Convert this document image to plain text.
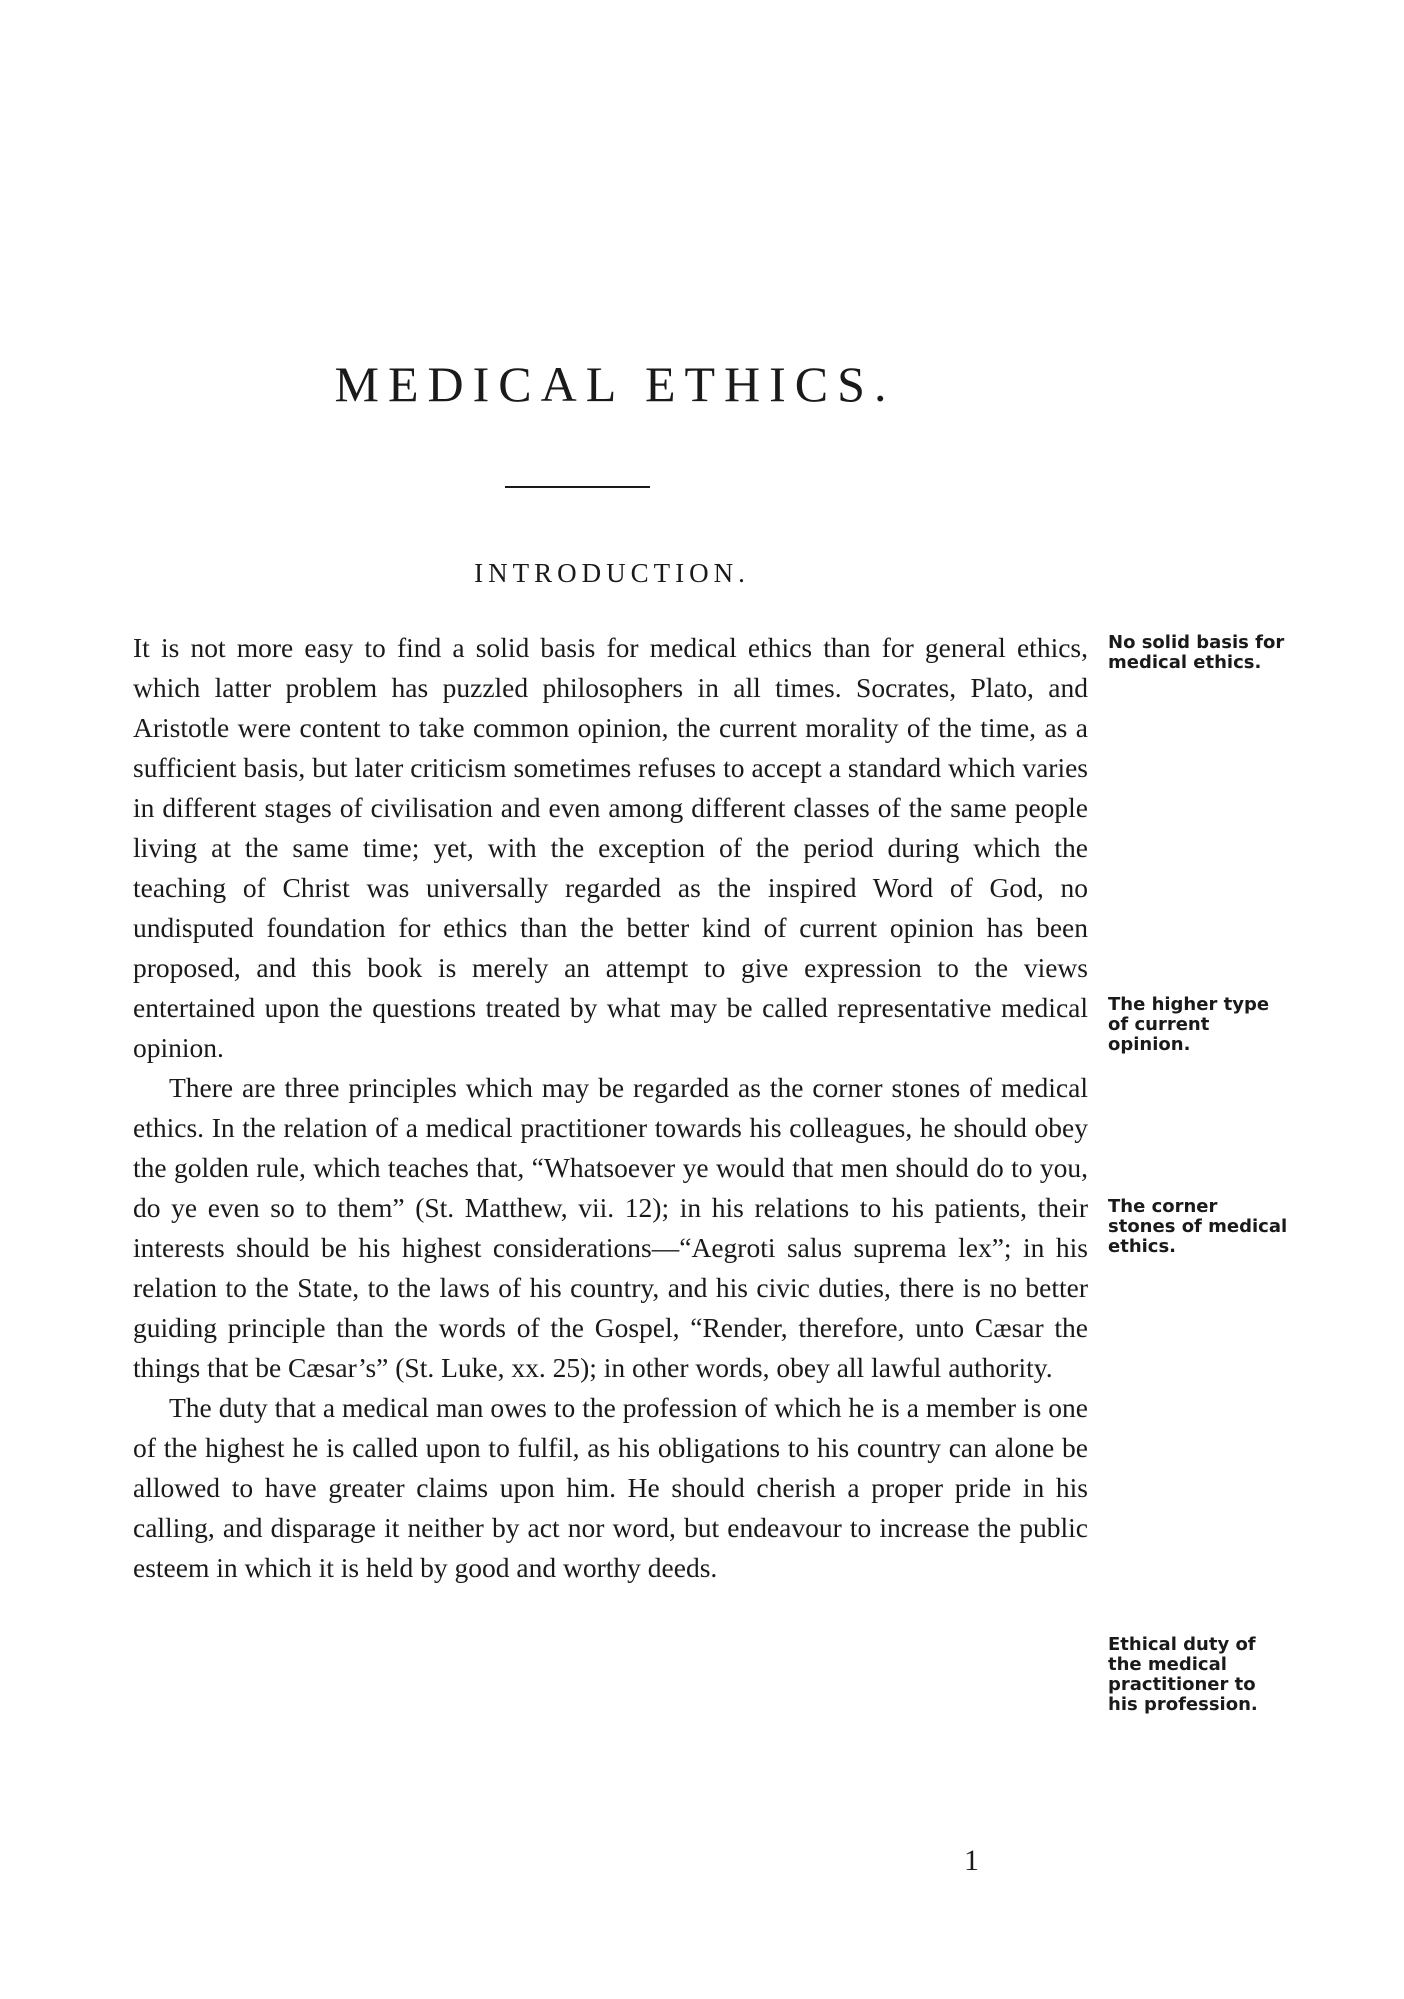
MEDICAL ETHICS.
INTRODUCTION.

It is not more easy to find a solid basis for medical ethics than for general ethics, which latter problem has puzzled philosophers in all times. Socrates, Plato, and Aristotle were content to take common opinion, the current morality of the time, as a sufficient basis, but later criticism sometimes refuses to accept a standard which varies in different stages of civilisation and even among different classes of the same people living at the same time; yet, with the exception of the period during which the teaching of Christ was universally regarded as the inspired Word of God, no undisputed foundation for ethics than the better kind of current opinion has been proposed, and this book is merely an attempt to give expression to the views entertained upon the questions treated by what may be called representative medical opinion.

There are three principles which may be regarded as the corner stones of medical ethics. In the relation of a medical practitioner towards his colleagues, he should obey the golden rule, which teaches that, “Whatsoever ye would that men should do to you, do ye even so to them” (St. Matthew, vii. 12); in his relations to his patients, their interests should be his highest considerations—“Aegroti salus suprema lex”; in his relation to the State, to the laws of his country, and his civic duties, there is no better guiding principle than the words of the Gospel, “Render, therefore, unto Cæsar the things that be Cæsar’s” (St. Luke, xx. 25); in other words, obey all lawful authority.

The duty that a medical man owes to the profession of which he is a member is one of the highest he is called upon to fulfil, as his obligations to his country can alone be allowed to have greater claims upon him. He should cherish a proper pride in his calling, and disparage it neither by act nor word, but endeavour to increase the public esteem in which it is held by good and worthy deeds.

No solid basis for medical ethics.
The higher type of current opinion.
The corner stones of medical ethics.
Ethical duty of the medical practitioner to his profession.
1
